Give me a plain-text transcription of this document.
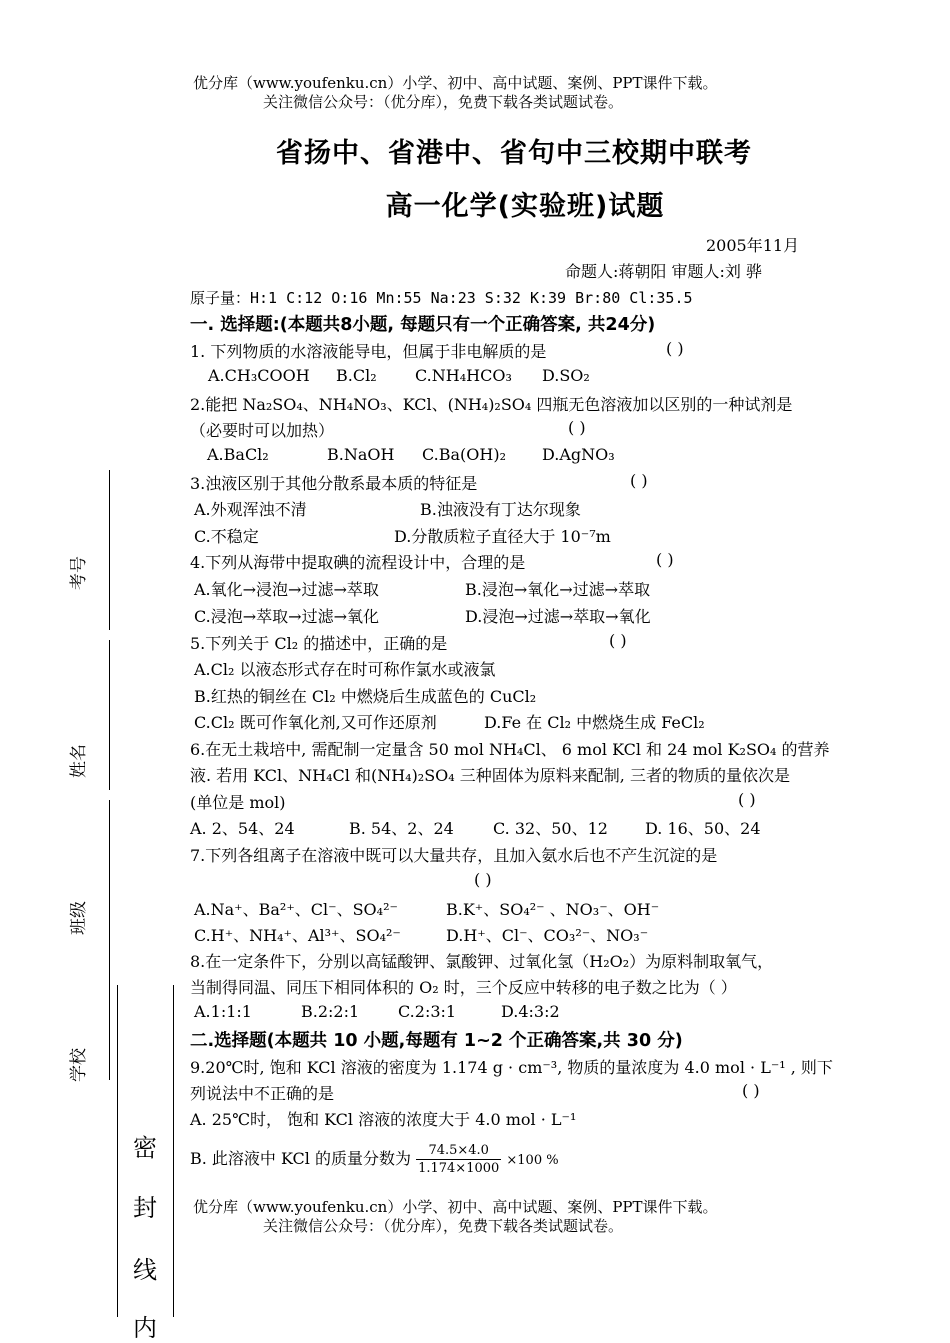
优分库（www.youfenku.cn）小学、初中、高中试题、案例、PPT课件下载。
关注微信公众号：（优分库），免费下载各类试题试卷。
省扬中、省港中、省句中三校期中联考
高一化学(实验班)试题
2005年11月
命题人:蒋朝阳 审题人:刘 骅
原子量：H:1 C:12 O:16 Mn:55 Na:23 S:32 K:39 Br:80 Cl:35.5
一. 选择题:(本题共8小题, 每题只有一个正确答案, 共24分)
1. 下列物质的水溶液能导电，但属于非电解质的是	( )
A.CH₃COOH B.Cl₂ C.NH₄HCO₃ D.SO₂
2.能把 Na₂SO₄、NH₄NO₃、KCl、(NH₄)₂SO₄ 四瓶无色溶液加以区别的一种试剂是
（必要时可以加热）	( )
A.BaCl₂	B.NaOH C.Ba(OH)₂ D.AgNO₃
3.浊液区别于其他分散系最本质的特征是	( )
A.外观浑浊不清	B.浊液没有丁达尔现象
C.不稳定	D.分散质粒子直径大于 10⁻⁷m
4.下列从海带中提取碘的流程设计中，合理的是	( )
A.氧化→浸泡→过滤→萃取	B.浸泡→氧化→过滤→萃取
C.浸泡→萃取→过滤→氧化	D.浸泡→过滤→萃取→氧化
5.下列关于 Cl₂ 的描述中，正确的是	( )
A.Cl₂ 以液态形式存在时可称作氯水或液氯
B.红热的铜丝在 Cl₂ 中燃烧后生成蓝色的 CuCl₂
C.Cl₂ 既可作氧化剂,又可作还原剂	D.Fe 在 Cl₂ 中燃烧生成 FeCl₂
6.在无土栽培中, 需配制一定量含 50 mol NH₄Cl、 6 mol KCl 和 24 mol K₂SO₄ 的营养
液. 若用 KCl、NH₄Cl 和(NH₄)₂SO₄ 三种固体为原料来配制, 三者的物质的量依次是
(单位是 mol)	( )
A. 2、54、24	B. 54、2、24 C. 32、50、12 D. 16、50、24
7.下列各组离子在溶液中既可以大量共存，且加入氨水后也不产生沉淀的是
( )
A.Na⁺、Ba²⁺、Cl⁻、SO₄²⁻	B.K⁺、SO₄²⁻ 、NO₃⁻、OH⁻
C.H⁺、NH₄⁺、Al³⁺、SO₄²⁻	D.H⁺、Cl⁻、CO₃²⁻、NO₃⁻
8.在一定条件下，分别以高锰酸钾、氯酸钾、过氧化氢（H₂O₂）为原料制取氧气，
当制得同温、同压下相同体积的 O₂ 时，三个反应中转移的电子数之比为（ ）
A.1:1:1	B.2:2:1 C.2:3:1	D.4:3:2
二.选择题(本题共 10 小题,每题有 1~2 个正确答案,共 30 分)
9.20℃时, 饱和 KCl 溶液的密度为 1.174 g · cm⁻³, 物质的量浓度为 4.0 mol · L⁻¹ , 则下
列说法中不正确的是	( )
A. 25℃时， 饱和 KCl 溶液的浓度大于 4.0 mol · L⁻¹
B. 此溶液中 KCl 的质量分数为 $\frac{74.5\times 4.0}{1.174\times 1000} \times 100$ %
优分库（www.youfenku.cn）小学、初中、高中试题、案例、PPT课件下载。
关注微信公众号：（优分库），免费下载各类试题试卷。
考号
姓名
班级
学校
密
封
线
内
